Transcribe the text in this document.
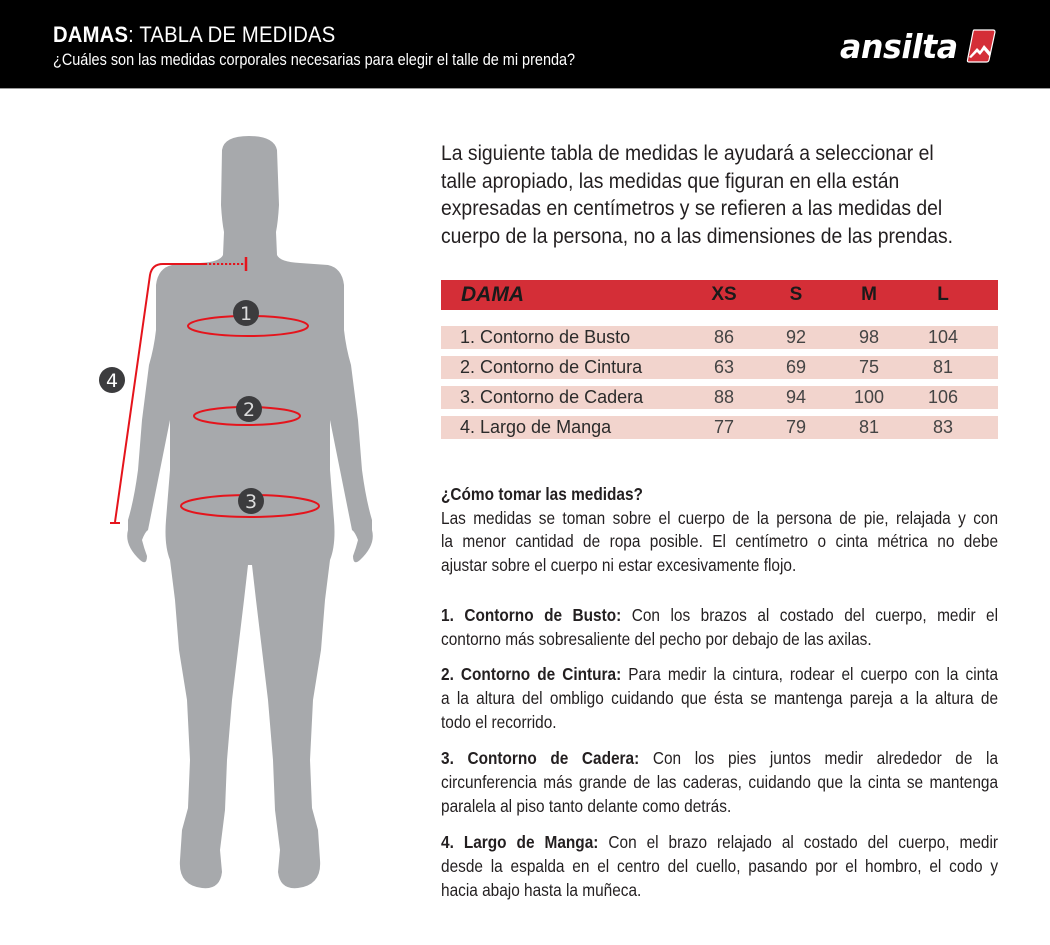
DAMAS: TABLA DE MEDIDAS
¿Cuáles son las medidas corporales necesarias para elegir el talle de mi prenda?	ansilta
1
2
3
4
La siguiente tabla de medidas le ayudará a seleccionar el
talle apropiado, las medidas que figuran en ella están
expresadas en centímetros y se refieren a las medidas del
cuerpo de la persona, no a las dimensiones de las prendas.
DAMA	XS	S	M	L
1. Contorno de Busto	86	92	98	104
2. Contorno de Cintura	63	69	75	81
3. Contorno de Cadera	88	94	100	106
4. Largo de Manga	77	79	81	83
¿Cómo tomar las medidas?
Las medidas se toman sobre el cuerpo de la persona de pie, relajada y con
la menor cantidad de ropa posible. El centímetro o cinta métrica no debe
ajustar sobre el cuerpo ni estar excesivamente flojo.
1. Contorno de Busto: Con los brazos al costado del cuerpo, medir el
contorno más sobresaliente del pecho por debajo de las axilas.
2. Contorno de Cintura: Para medir la cintura, rodear el cuerpo con la cinta
a la altura del ombligo cuidando que ésta se mantenga pareja a la altura de
todo el recorrido.
3. Contorno de Cadera: Con los pies juntos medir alrededor de la
circunferencia más grande de las caderas, cuidando que la cinta se mantenga
paralela al piso tanto delante como detrás.
4. Largo de Manga: Con el brazo relajado al costado del cuerpo, medir
desde la espalda en el centro del cuello, pasando por el hombro, el codo y
hacia abajo hasta la muñeca.
